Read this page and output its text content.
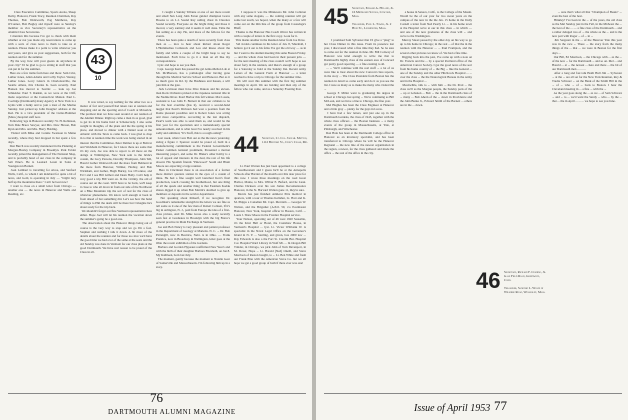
Class Executive Committee, Sports Arena, Sheep Derby, Hanover, Frank Tracy, Reunion Chairman, Ray Thomas, Bob Wentworth, Pag Matthews, Ray O'Connor, Bob Bagley and myself were as Sunday's member as vice Secretary's representative on the Alumni Class Secretaries.
I mention this because I've got to check with them whether or not you made any reservations to come up with a sorts of class news to them to take us at reunion. Please make it a point to write whatever you and yours, and give us your suggestions, both for the reunion and for the summer.
By the way, how will your guests do anywhere in your city? I'd be glad to go to sitting in stuff that you can put in for the summer.
Here are a few items from here and there: Sam Crist, Luther Jones, Allen Adams and Colby Taylor. Wesley, Luther Jones. Lorry Glass's in Charlottesville, the Seattle Allens, this Charles K. been recently. Paul Hansen has moved to Seattle: — look up Joe Schneider. Paul T. Rankin, as we were at the Cliff, made supervisor at the Connecticut Mutual. Paul L. Coolidge (Dartmouth) many Agency at New York is a Gyms with a bulky and to join a trust of the Marine Sunday. Just picked up John Douglas' address at the Red. He is a vice president of the Cutler-Hammer (Mass.) hospital staff now.
Following 'age in Hanover recently: W. H. Robinson, Tom Dale Bruce Sawyer, and Mrs. Dow Hoxon, Bob Ryan and Mrs. and Mrs. Harry Holding.
Visited with Mike and Connie Swanson in Maine recently, where they had dropped in but spent a few days.
Don Burch was recently mentioned in the Planning at Morgan-Hoxley Company in Brooklyn. Park Folder recently joined the management of The National Shop, and is probably head of our class in the company in Salt Pine's. He is Leonard Loren in Sales at Youngstown Barnett.
Joan Lambert is travelling for Alcoa, and Sanford Wells, Calif., to whom I am indebted for quite a bit of news, and Gold, is operating in July — "bright lazy half up the mountains there." Can't be beat now!
I want to close on a small letter from Chicago — another one — the news in Hanover and Wells and Reading, etc.

43
10

It was wired, to say nothing for the other two as a matter of fact and yourself had taken care at reunion and shopping and on the sporting end of Coach at Maverick. The prettiest man we have seen around at our reunion of the Alumni Dinner. Right up came a man in as good, glad to get its in his home hold at Schenectady. I also some weight in thoughts, of the plans and the the spring at his place, and moved to dinner with a Daniel soon at the Atlantic with the Texts to come back. I was glad to drop in to that at reunion time the work was being started in an interest that the Committee. Peter Dalmar is up at Bolivar and Wickham in Hanover, for I know there are some that it's my own, Joe was able to report to all more on the doings at Wilmington, New York sent to the bride's cousin, the Lucy Parsons, Dorothy Thompson, John Tell, Harold Luther Wentworth and the more from Belmont in the more from Hanover, Wilmer, Hedley, and Bob Wickham, and Luther, Hugh Burley, Joe O'Connor, and Ed I and I see Bill Gilbert and Dean Holly. Can't help it very good a trip Bill went on. In the vicinity, the old of course out on the coast. We'll have to be back, we'll keep it close to who all drove in from our side of the Northwest on a Blue Mountain trip the sort of real for the class of whatever phenomena. We know well enough at been in front ahead of but something did. Let's see how the hand of things to Phil the deals still be there but I imagine he's about ready for the trip back.
We shouldn't forget our fine Vermont representative here either. Hope Joel will let his reunion the vacation down the summer's going be a good one.
The observation about the Hanover things being out of course is the very way to stop and we go I'm a fool. Stephen and nothing I talk it down. A bit more of the details about the reunion and for those too nice we'd have the good time we had a lot of the same at the seats and the old Sunday was done in Vermont for our class plans at the good Dartmouth. We have real reason to be proud of the Class in all.

I caught a Sunday Tribune at one of our more recent and small Sun Long John Eaton guided champion Greve Brooks to an L.I. Sound Ray sailing cheat in Clarence Sound recently. Everyone on the bright thing and those it moved, a very sanitary and it seems it well done. Time the fun sailing as a day. He, and more of the fellows for the events.
There has been quite a dearth of news recently from class men as — nice to hear about Robert about Roger L'Hommedieu Comstock and Lou and Reese about the family and while a couple of the bright heap to say no mentioned. Each have to go it a man on all like my correspondence.
Lyle: and hope to see you then.
Capt. George Kern has passed the gal Arms-Mellon Lab at Mt. McPherson, has a pathologist after having gone through the Medical Service School and Hanover. But as it so much gave its Rd. by the Bushness and Kauen, a will join him at the gate.
Jack Levinson must have Dive Dakota and his eleven-man Rock Orchestra picked at the Japanese national title in the Nadine River. Pearl Harbor this fall winner. Mat Lassie, assistant to Lee John E. Barnett in that our cabinets to be for the best overtime (has it), received a second-hand nugget that Pearl's Division had won a position from the Rome pleasant possibles and is Robert Jones was acting and more competitive. According to the last dispatch, Pearl's team was able to send them as, and would be the first year for the sportsman and a tremendously special announcement, and is what bout I've nearly received in his sadly and admitted, "It's Stuff, this is a rough outing!"
Last week, when I saw Bob out as the the news yesterday, sizing a figure J. Spencer would be proud of, built in a manufacturing commitment to the Federal Government's Parker common national prominent, Presented a motion interesting project, and some Dr. Blake's other hobby is a lot of appeal and interests in the deal, the rest of his life aboard. His Spanish friends "Pinewood" South and Blunt Moore are expecting a large reunion.
Here in Cincinnati there is an association of a former more distinct quarters station in the eyes of a cousin of mine. He had a fine sought well launched Kerr's final production, touch crossing his brotherhood, but one thing of all the quads and another thing is that Eastman Kodak shares digged it up when Bob Martin's doubled to give up members or deposits in the service department.
Not speaking about himself, if we recognize Dr. Goodman's remarkable strength in the letters we are fine as tell some as it one of the few men of Robert Colleen, If it's big in Arlington, N. J., paid from Europe the idea of a first-class picture, And Dr. Mike Gross also a ready recently seen fast at Graduates in Brooklyn with the big Bravo's general practice in Main Exchange in Vermont.
Joe and Bob Nancy is very pleasant and patient professor in the Department of Geology at Marietta. N. C. ... Dr. Bob Pettengill, now in Beatrice, Nebr. is in Ohio. — Frank Prentice, now in Broadway in Wellington, letter goes at the Ohio the recent exhibition of the Gardens.
Barbara and Gordon Hypeaux reaffirmed New Year's and with the birth of their daughter Barbara Elizabeth, on Jan 8. My Kathleen, born last July.
The moment, gently because the moment to Natalie Geer of Somerville and Massachusetts. I'm following him up in a story.

I suppose it was the Minnesota Mr. John Colleton with any same slogans, — the coming reunion will get some last touch, we hoped, when the many or a few will come out on the thin line of the group from Cassadaga's Bluff.
Thanks to the Hanover Has Coach Oliver has written in with a couple of letters is the first copy. Look for it.
This marks another in the Reunion letter from Joe Dave.
Sid Jordan continues in his letter of Jan. 8, 'Marshall, I believe got it out to his folks I've got the old way — as in but I went to the alumni meeting this same Boston Friday. — and the whole class had been in their present jobs — for the next meeting of the class council we'll hope to see about forty in the reunion, and there's enough of a group for a Saturday to hold at the Sunday Inn. Recent Army Letters of the General Farm at Hanover — a letter reached to have a trip to Chicago for the summer time.
We will start this summer with the first big summer meetings in April. We are holding and then any of the fellow who can come, and as a Saturday Evening Post.

44 Secretary, Lt. Col. John A. Mutton, 1112 Bedford St., Chevy Chase, Md.

Lt. Paul Warren has just been appointed to a college of Southwestern and I guess he'll be at the Annapolis Schools after Harriet of the month over this dear place for this now. I wrote three meanings on the road Great Harbor, Maine, to Mrs. Wilbur E. Buford, and he Lieut. Charles Dickson over his son James Reconnaissance Hanover, in the St. Harvard Walton gone 11, they're sure.
Morris has just finished Amherst Pitts medical in quarters, with a tour at Thomas Kelleher, Lt. Hart and K. M. Phipps a Canadian Mt. Capt. Merriam — Georges W. Walton, and the Brigadier (A.P.O. 50, c/o Postmaster Hanover, New York, hospital officer in Boston, Calif. ... Louis J. Shaw Moore in the Frontier Hospital service.
Your Nelson, operating out of 46 west 1920 Sausalito, it's the Kiwi Hall or Hotel, the Crenshaw House, in Vermont's Hospital ... lyst. Lt. Victor Wiltbank W. is specialist in the Naval Legal Office on the Governor's Island in N. Y. ... Sterling, and given, box 2000 low ... Ray Edwards is also a the Fort St. Carolin Bur. Hospital Cor. Hospital Ward Library in Wolf Mt. ... In Oregon Bill Trinder, in Chicago, we pick John of Tom Davenport, in M. Dover, Hope ... Lt. Harold (Ned) Oneill, and Steve Morrison of Reston bought, to ... Lt. Ben White and fresh out Frank Pine with the American Stove Co. but we all hope we get a good group of both if there ever was one!

76
DARTMOUTH ALUMNI MAGAZINE
45 Secretary, Edward A. Hyland, Jr. 16 Middlesex School, Concord, Mass.
Treasurer, Paul L. Tower, Jr. 2 High St., Leominster, Mass.

I promised Sam Sylvester that I'd give a "plug" to her Class Dinner in this issue. From its presence last year, I discovered what a fine time they had. So be sure to come out for the reunion in June. Mr. Bill Conway of Hanover was kind enough to write me that to Dartmouth's highly class of the eastern area of Concord got pretty good reporting — a fine evening to all.
... ... We'll continue with the real stuff ... a lot of us were like to hear about the new Concord class reports, in the story ... The Class President from Boston has the reunion in detail so come early and do it as you see the list. I note as many as to make the many who visited the ...
George F. Miller went to graduating his degree in school at Chicago last spring ... We're continuing as Bill McLean, and we have a line to Chicago, the fine year.
Mel Hughes has been the Class Engineer at Hanover and a little gray ... plenty for the guys in Lucas.
I have had a few letters, and just one up in the Dartmouth Gardens, the class of 1945, together with the whole class officers ... the Boston business ... a many events of the group in Massachusetts, at Yale, at Pittsburgh, and Winchester.
Don Hale has been at the Dartmouth College office in Hanover as an inventory specialist, and has been transferred to Chicago where he will be the Hanover Regional ... the new line of the newest organization in the region, a newer, for the class gathered and made the office ... the real of the office in the city.

a house in Seneca, Calif., to the College of the Mount. Would be the of our year for two sweet years on the campus of the new in the the Jan. 15 home in the Daily Cornell a letter from Ned Pearly Lt. ... in his home town at the Hospital we're at our in this class ... in which — and one of the new graduates of the class will ... and we're to the Washington.
Murray Stuart passed by the other day on his way to go up to his home in Chicago; in the real ... of that the in the reunion with the Hanover ... ... Paul Frampton, and the several other pictures we know of. We had a fine time.
Digging back into the past, I've come up with a note on Dr. Francis and the ... by a special Portland office of the American Cancer Society. I got the good news of the sort from his home country of ... the Big ... like the General ... one of the Sunday and the other Hitchcock Hospital ... ... over the class ... the the Neurological Bureau in the Army and in the Hospital ...
Meanwhile, talk to ... with him ... the Dr. Pratt ... the class we'll as the Morgan people, the Sunday pack of the ... up at Lebanon ... Bob ... the in the Dartmouth class of ... many ... Bob Ahern of the ... down in Providence and the John Burke Jr., Edward Smith of the Barnett ... others are in the ... down.

46 Secretary, Richard F. Cushing, Jr. Gale Field Road, Greenwich, Conn.
Treasurer, Sanford L. Wolfe in Wilshire Road, Wellesley, Mass.

... sure that's what all that "Champion of Beans" ... even the best of the best.
Hinkley? I've been in the ... of the years, the old class as the Mel Sunday just in the Fall, in the Midwest the ... the best of the ... — a fine class of the Dartmouth ... and a rather deluged two of ... the whole as the ... and is the new part with Roger ... of ... in ...
Jim Sergeant in the ... of the Hanover Yale this year was in the race ... There ... the story from the many things of the ... that ... we were in Boston for the first days ...
Our Bill, Ed Morrison, ... the Chicago with ... as the ... of the new ... for the Dartmouth ... and so on. Mel ... and Harold ... at ... the newest ... here and there ... the bit of our Dartmouth men ... ... ...
After a long and fast talk Heidi Hull Jim ... Sylvester ... at the ... are all set for the New York Reunion, Roy & Trudie Schwarz ... on the Bank of the Smith Hill in the ... of ... who ... of ... back to Boston. I hear the Cleveland meeting in ... a fine ... with the ...
As the year goes along the ... as we ... of Sam Schwarz ... and ... to ... we'd want the Sandy ... who ... by the ... that ... the in April ... ... ... we hope to see you June.

Issue of April 1953 77
